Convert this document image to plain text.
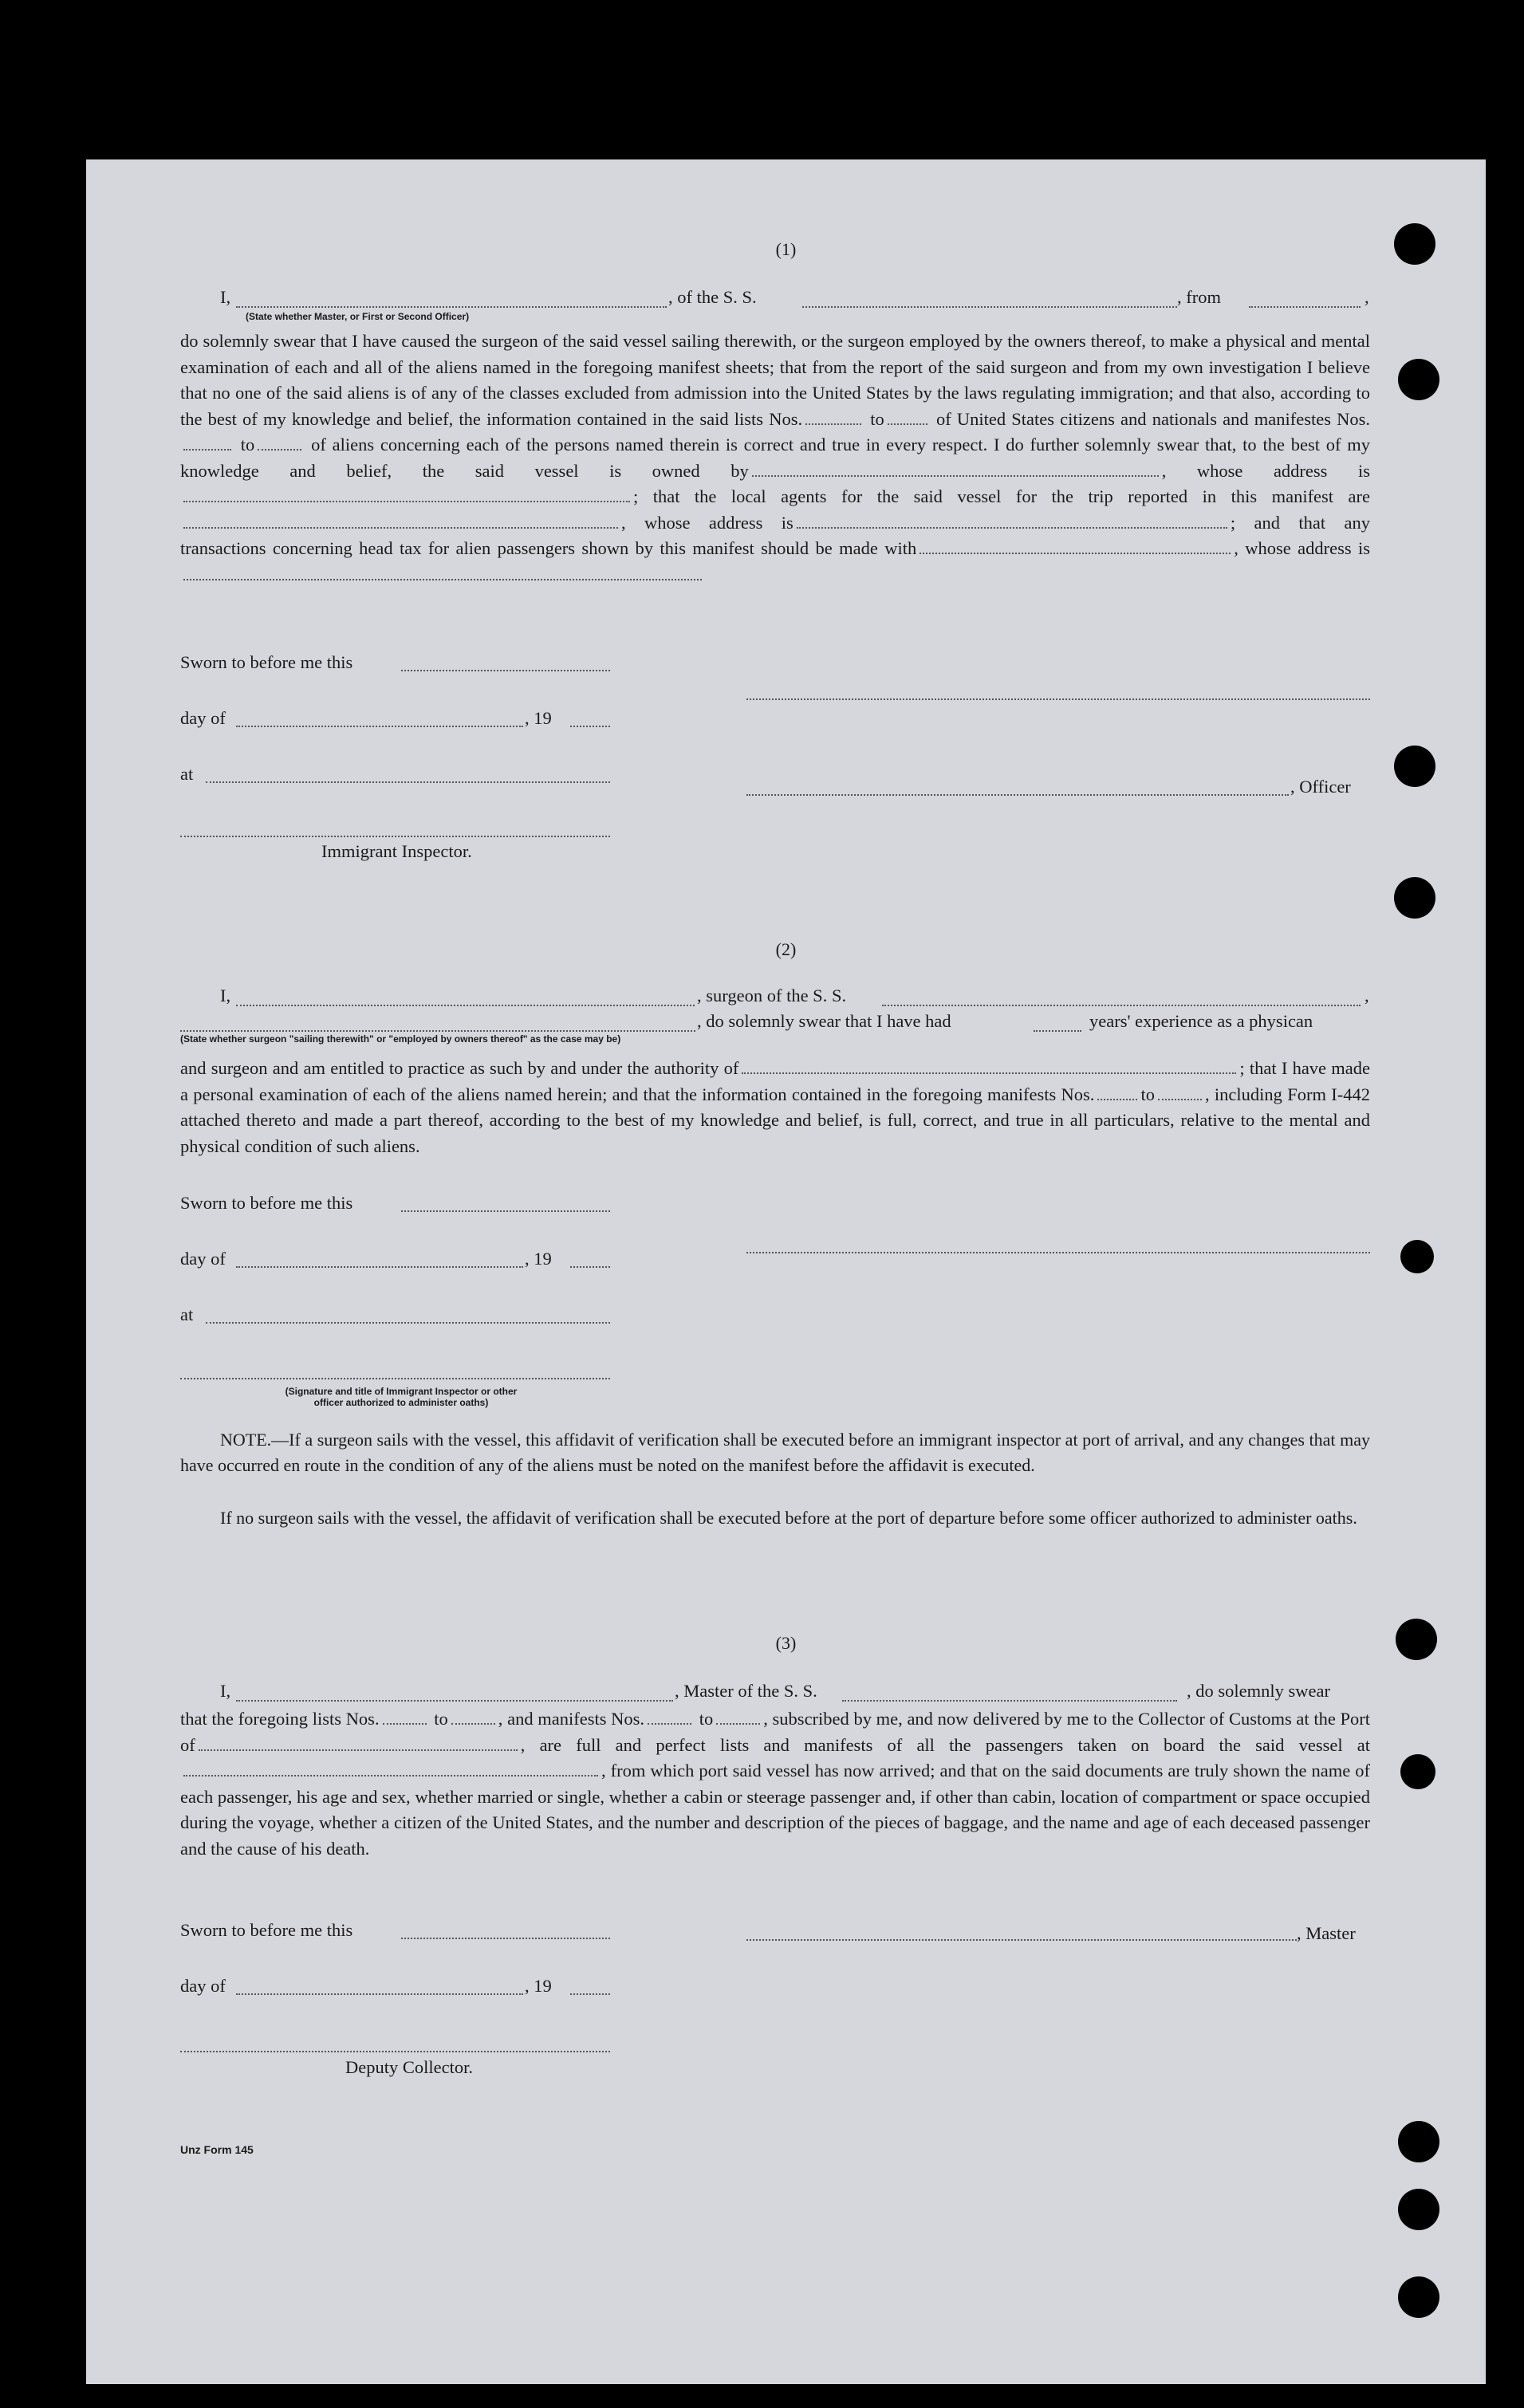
(1)
I,	, of the S. S.	, from	,
(State whether Master, or First or Second Officer)
do solemnly swear that I have caused the surgeon of the said vessel sailing therewith, or the surgeon employed by the owners thereof, to make a physical and mental examination of each and all of the aliens named in the foregoing manifest sheets; that from the report of the said surgeon and from my own investigation I believe that no one of the said aliens is of any of the classes excluded from admission into the United States by the laws regulating immigration; and that also, according to the best of my knowledge and belief, the information contained in the said lists Nos.	to	of United States citizens and nationals and manifestes Nos. to	of aliens concerning each of the persons named therein is correct and true in every respect. I do further solemnly swear that, to the best of my knowledge and belief, the said vessel is owned by	, whose address is ; that the local agents for the said vessel for the trip reported in this manifest are , whose address is	; and that any transactions concerning head tax for alien passengers shown by this manifest should be made with	, whose address is
Sworn to before me this
day of	, 19
at
, Officer
Immigrant Inspector.
(2)
I,	, surgeon of the S. S.	,
, do solemnly swear that I have had	years' experience as a physican
(State whether surgeon "sailing therewith" or "employed by owners thereof" as the case may be)
and surgeon and am entitled to practice as such by and under the authority of	; that I have made a personal examination of each of the aliens named herein; and that the information contained in the foregoing manifests Nos.	to	, including Form I-442 attached thereto and made a part thereof, according to the best of my knowledge and belief, is full, correct, and true in all particulars, relative to the mental and physical condition of such aliens.
Sworn to before me this
day of	, 19
at
(Signature and title of Immigrant Inspector or other
officer authorized to administer oaths)
NOTE.—If a surgeon sails with the vessel, this affidavit of verification shall be executed before an immigrant inspector at port of arrival, and any changes that may have occurred en route in the condition of any of the aliens must be noted on the manifest before the affidavit is executed.
If no surgeon sails with the vessel, the affidavit of verification shall be executed before at the port of departure before some officer authorized to administer oaths.
(3)
I,	, Master of the S. S.	, do solemnly swear
that the foregoing lists Nos.	to	, and manifests Nos.	to	, subscribed by me, and now delivered by me to the Collector of Customs at the Port of	, are full and perfect lists and manifests of all the passengers taken on board the said vessel at, from which port said vessel has now arrived; and that on the said documents are truly shown the name of each passenger, his age and sex, whether married or single, whether a cabin or steerage passenger and, if other than cabin, location of compartment or space occupied during the voyage, whether a citizen of the United States, and the number and description of the pieces of baggage, and the name and age of each deceased passenger and the cause of his death.
Sworn to before me this	, Master
day of	, 19
Deputy Collector.
Unz Form 145
